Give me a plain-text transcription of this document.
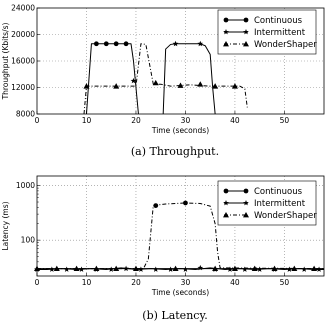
0	10	20	30	40	50
8000
12000
16000
20000
24000
Time (seconds)
Throughput (Kbits/s)
Continuous
Intermittent
WonderShaper
(a) Throughput.
0	10	20	30	40	50
100
1000
Time (seconds)
Latency (ms)
Continuous
Intermittent
WonderShaper
(b) Latency.
